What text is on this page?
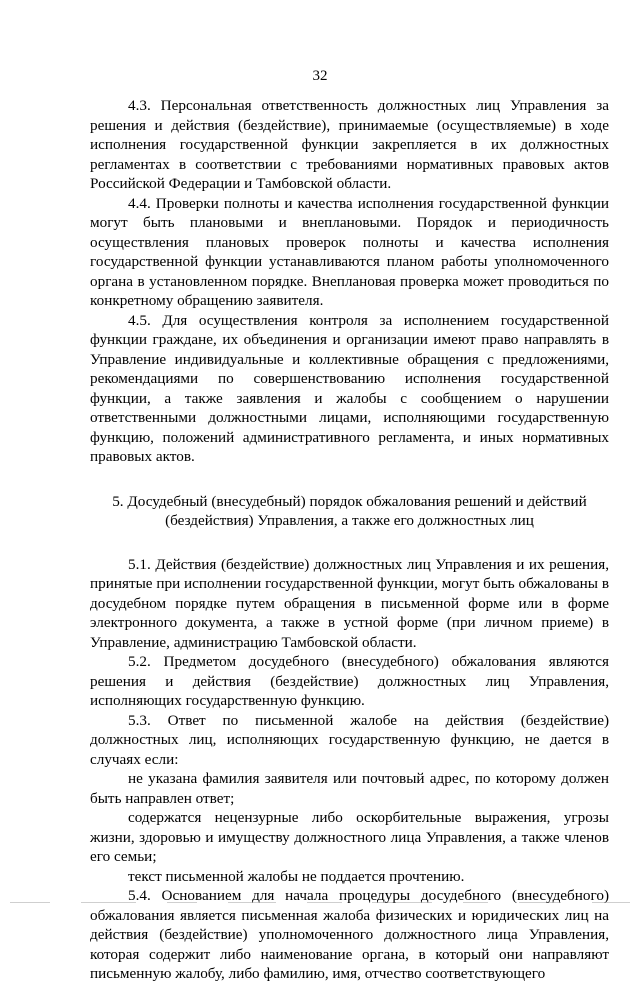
32

4.3. Персональная ответственность должностных лиц Управления за решения и действия (бездействие), принимаемые (осуществляемые) в ходе исполнения государственной функции закрепляется в их должностных регламентах в соответствии с требованиями нормативных правовых актов Российской Федерации и Тамбовской области.

4.4. Проверки полноты и качества исполнения государственной функции могут быть плановыми и внеплановыми. Порядок и периодичность осуществления плановых проверок полноты и качества исполнения государственной функции устанавливаются планом работы уполномоченного органа в установленном порядке. Внеплановая проверка может проводиться по конкретному обращению заявителя.

4.5. Для осуществления контроля за исполнением государственной функции граждане, их объединения и организации имеют право направлять в Управление индивидуальные и коллективные обращения с предложениями, рекомендациями по совершенствованию исполнения государственной функции, а также заявления и жалобы с сообщением о нарушении ответственными должностными лицами, исполняющими государственную функцию, положений административного регламента, и иных нормативных правовых актов.

5. Досудебный (внесудебный) порядок обжалования решений и действий (бездействия) Управления, а также его должностных лиц

5.1. Действия (бездействие) должностных лиц Управления и их решения, принятые при исполнении государственной функции, могут быть обжалованы в досудебном порядке путем обращения в письменной форме или в форме электронного документа, а также в устной форме (при личном приеме) в Управление, администрацию Тамбовской области.

5.2. Предметом досудебного (внесудебного) обжалования являются решения и действия (бездействие) должностных лиц Управления, исполняющих государственную функцию.

5.3. Ответ по письменной жалобе на действия (бездействие) должностных лиц, исполняющих государственную функцию, не дается в случаях если:

не указана фамилия заявителя или почтовый адрес, по которому должен быть направлен ответ;

содержатся нецензурные либо оскорбительные выражения, угрозы жизни, здоровью и имуществу должностного лица Управления, а также членов его семьи;

текст письменной жалобы не поддается прочтению.

5.4. Основанием для начала процедуры досудебного (внесудебного) обжалования является письменная жалоба физических и юридических лиц на действия (бездействие) уполномоченного должностного лица Управления, которая содержит либо наименование органа, в который они направляют письменную жалобу, либо фамилию, имя, отчество соответствующего
